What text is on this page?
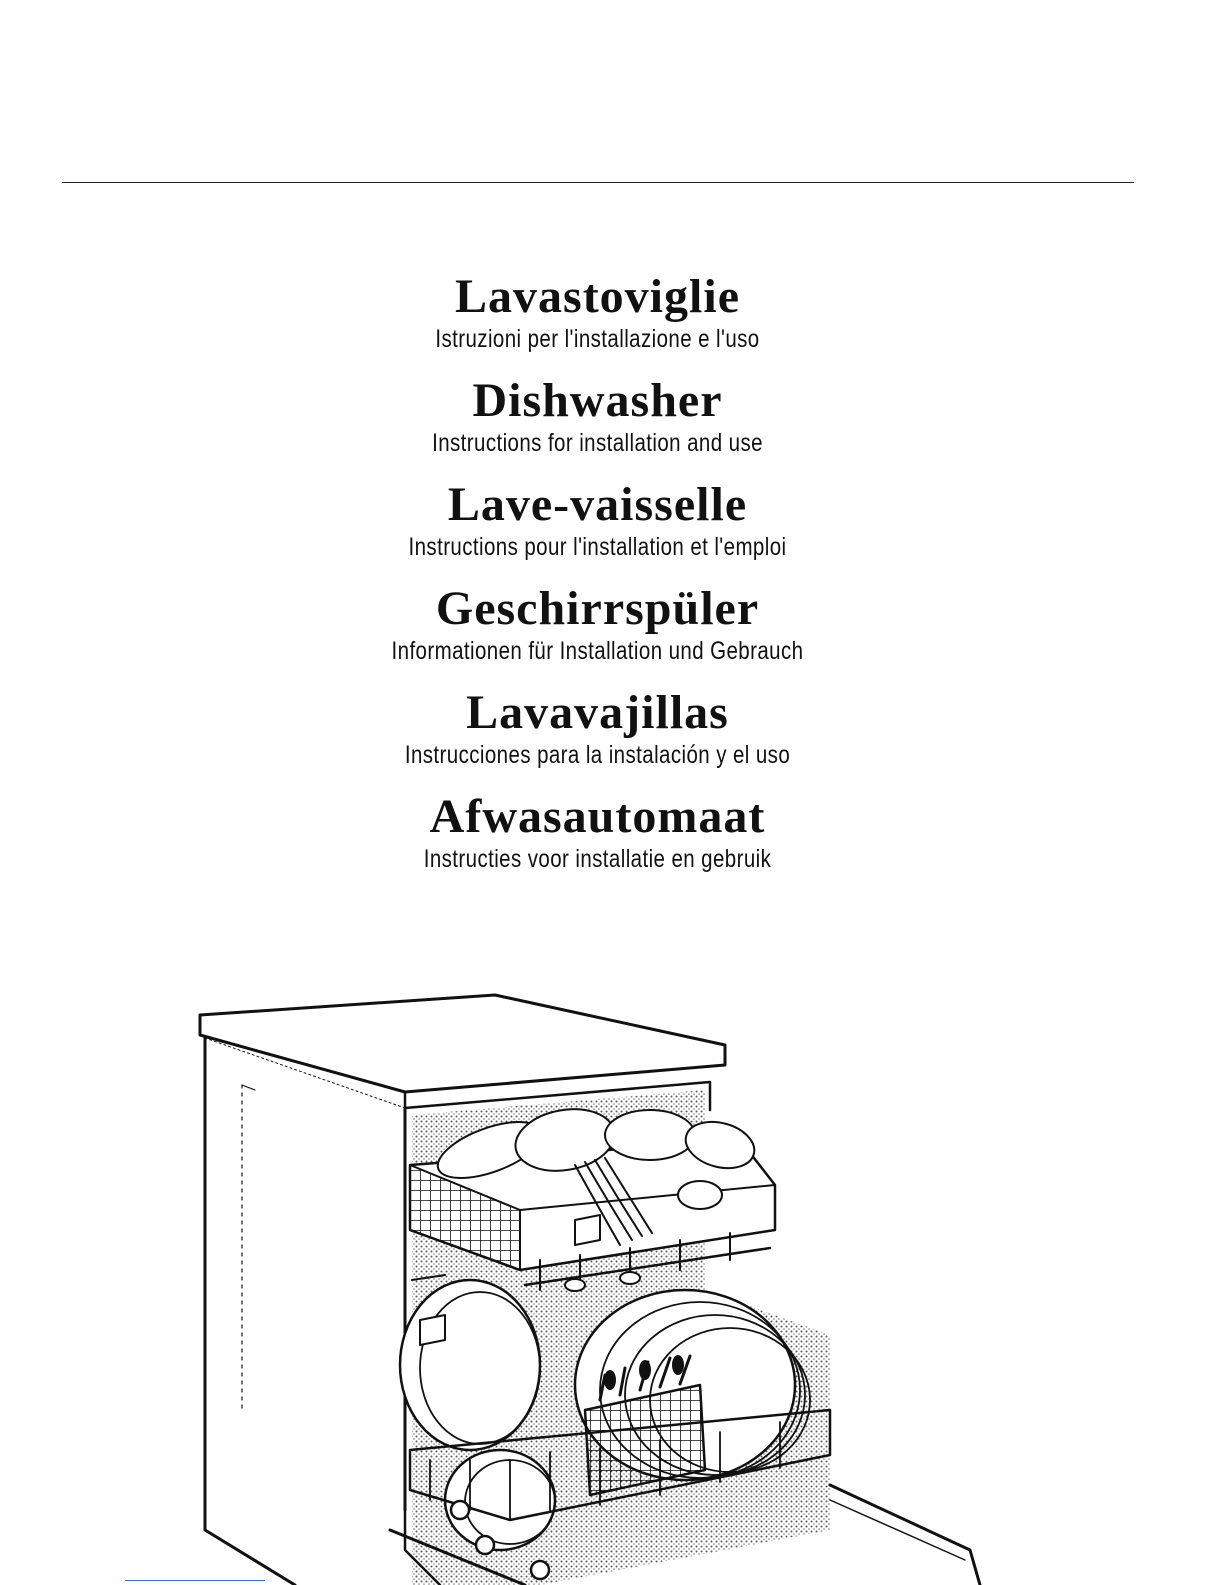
Lavastoviglie
Istruzioni per l'installazione e l'uso
Dishwasher
Instructions for installation and use
Lave-vaisselle
Instructions pour l'installation et l'emploi
Geschirrspüler
Informationen für Installation und Gebrauch
Lavavajillas
Instrucciones para la instalación y el uso
Afwasautomaat
Instructies voor installatie en gebruik
